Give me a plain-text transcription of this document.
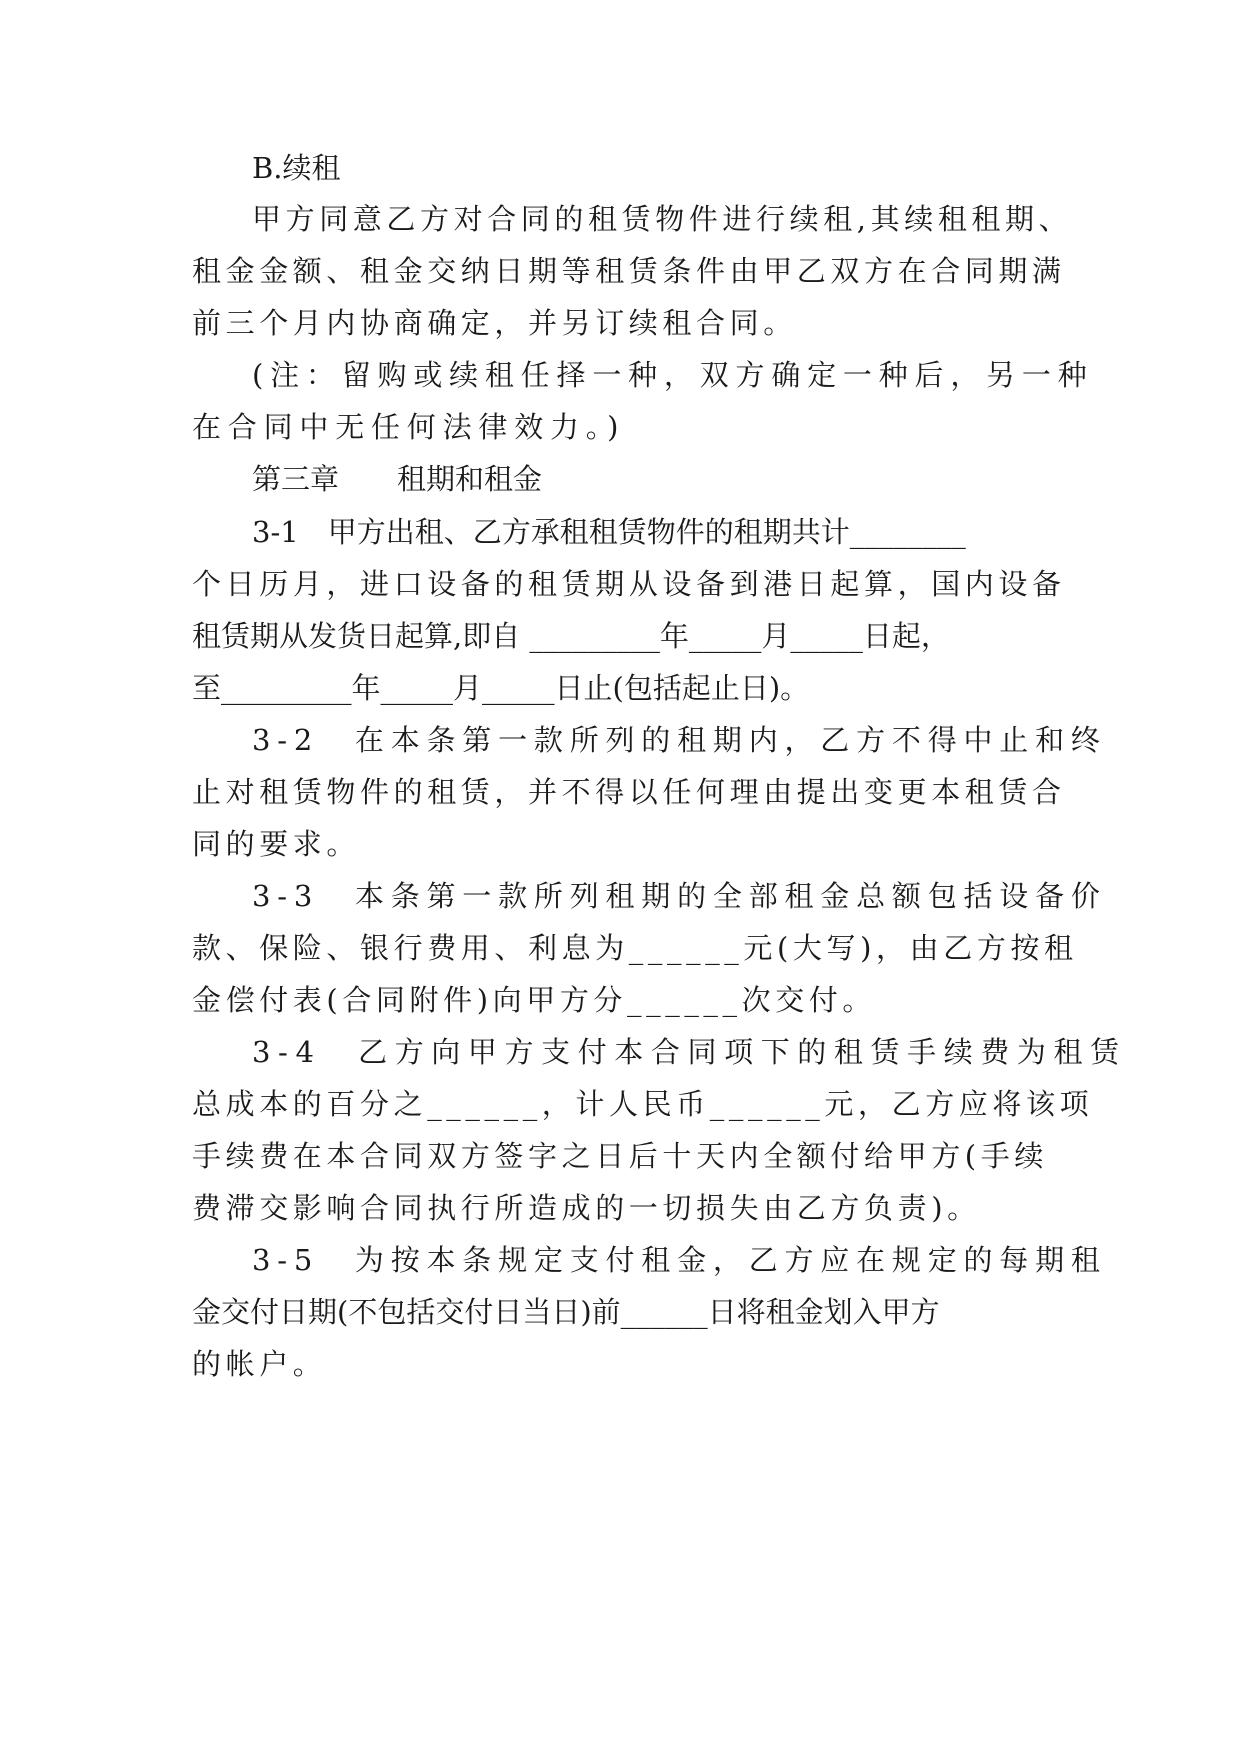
B.续租
甲方同意乙方对合同的租赁物件进行续租,其续租租期、
租金金额、租金交纳日期等租赁条件由甲乙双方在合同期满
前三个月内协商确定，并另订续租合同。
(注：留购或续租任择一种，双方确定一种后，另一种
在合同中无任何法律效力。)
第三章　　租期和租金
3-1　甲方出租、乙方承租租赁物件的租期共计________
个日历月，进口设备的租赁期从设备到港日起算，国内设备
租赁期从发货日起算,即自 _________年_____月_____日起，
至_________年_____月_____日止(包括起止日)。
3-2　在本条第一款所列的租期内，乙方不得中止和终
止对租赁物件的租赁，并不得以任何理由提出变更本租赁合
同的要求。
3-3　本条第一款所列租期的全部租金总额包括设备价
款、保险、银行费用、利息为______元(大写)，由乙方按租
金偿付表(合同附件)向甲方分______次交付。
3-4　乙方向甲方支付本合同项下的租赁手续费为租赁
总成本的百分之______，计人民币______元，乙方应将该项
手续费在本合同双方签字之日后十天内全额付给甲方(手续
费滞交影响合同执行所造成的一切损失由乙方负责)。
3-5　为按本条规定支付租金，乙方应在规定的每期租
金交付日期(不包括交付日当日)前______日将租金划入甲方
的帐户。
